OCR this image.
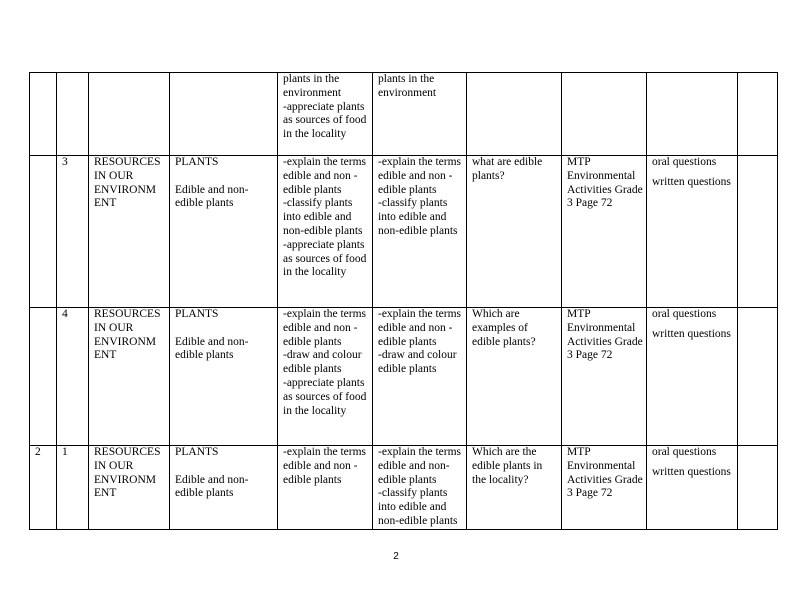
				plants in the environment
-appreciate plants as sources of food in the locality	plants in the environment			

	3	RESOURCES IN OUR ENVIRONM ENT	PLANTS
Edible and non-edible plants	-explain the terms edible and non -edible plants
-classify plants into edible and non-edible plants
-appreciate plants as sources of food in the locality	-explain the terms edible and non -edible plants
-classify plants into edible and non-edible plants	what are edible plants?	MTP Environmental Activities Grade 3 Page 72	oral questions
written questions	

	4	RESOURCES IN OUR ENVIRONM ENT	PLANTS
Edible and non-edible plants	-explain the terms edible and non -edible plants
-draw and colour edible plants
-appreciate plants as sources of food in the locality	-explain the terms edible and non -edible plants
-draw and colour edible plants	Which are examples of edible plants?	MTP Environmental Activities Grade 3 Page 72	oral questions
written questions	

2	1	RESOURCES IN OUR ENVIRONM ENT	PLANTS
Edible and non-edible plants	-explain the terms edible and non -edible plants	-explain the terms edible and non-edible plants
-classify plants into edible and non-edible plants	Which are the edible plants in the locality?	MTP Environmental Activities Grade 3 Page 72	oral questions
written questions	

2
